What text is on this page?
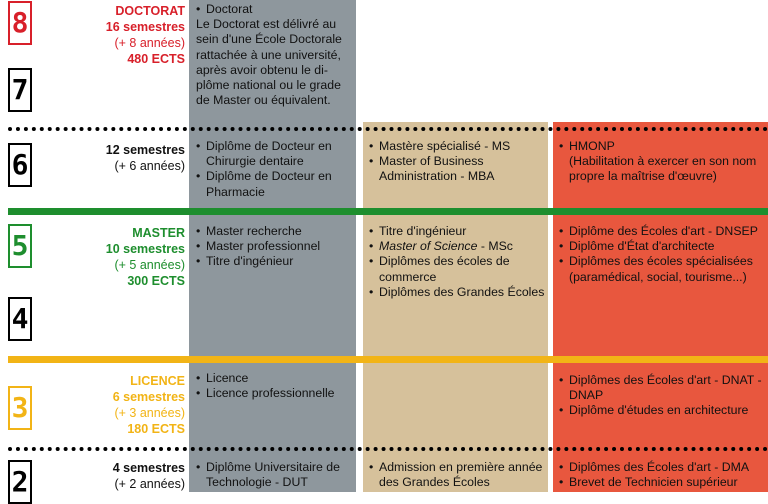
8
7
6
5
4
3
2
DOCTORAT
16 semestres
(+ 8 années)
480 ECTS
12 semestres
(+ 6 années)
MASTER
10 semestres
(+ 5 années)
300 ECTS
LICENCE
6 semestres
(+ 3 années)
180 ECTS
4 semestres
(+ 2 années)
• Doctorat
Le Doctorat est délivré au sein d'une École Doctorale rattachée à une université, après avoir obtenu le di-plôme national ou le grade de Master ou équivalent.
• Diplôme de Docteur en Chirurgie dentaire
• Diplôme de Docteur en Pharmacie
• Master recherche
• Master professionnel
• Titre d'ingénieur
• Licence
• Licence professionnelle
• Diplôme Universitaire de Technologie - DUT
• Mastère spécialisé - MS
• Master of Business Administration - MBA
• Titre d'ingénieur
• Master of Science - MSc
• Diplômes des écoles de commerce
• Diplômes des Grandes Écoles
• Admission en première année des Grandes Écoles
• HMONP
(Habilitation à exercer en son nom propre la maîtrise d'œuvre)
• Diplôme des Écoles d'art - DNSEP
• Diplôme d'État d'architecte
• Diplômes des écoles spécialisées (paramédical, social, tourisme...)
• Diplômes des Écoles d'art - DNAT -DNAP
• Diplôme d'études en architecture
• Diplômes des Écoles d'art - DMA
• Brevet de Technicien supérieur
